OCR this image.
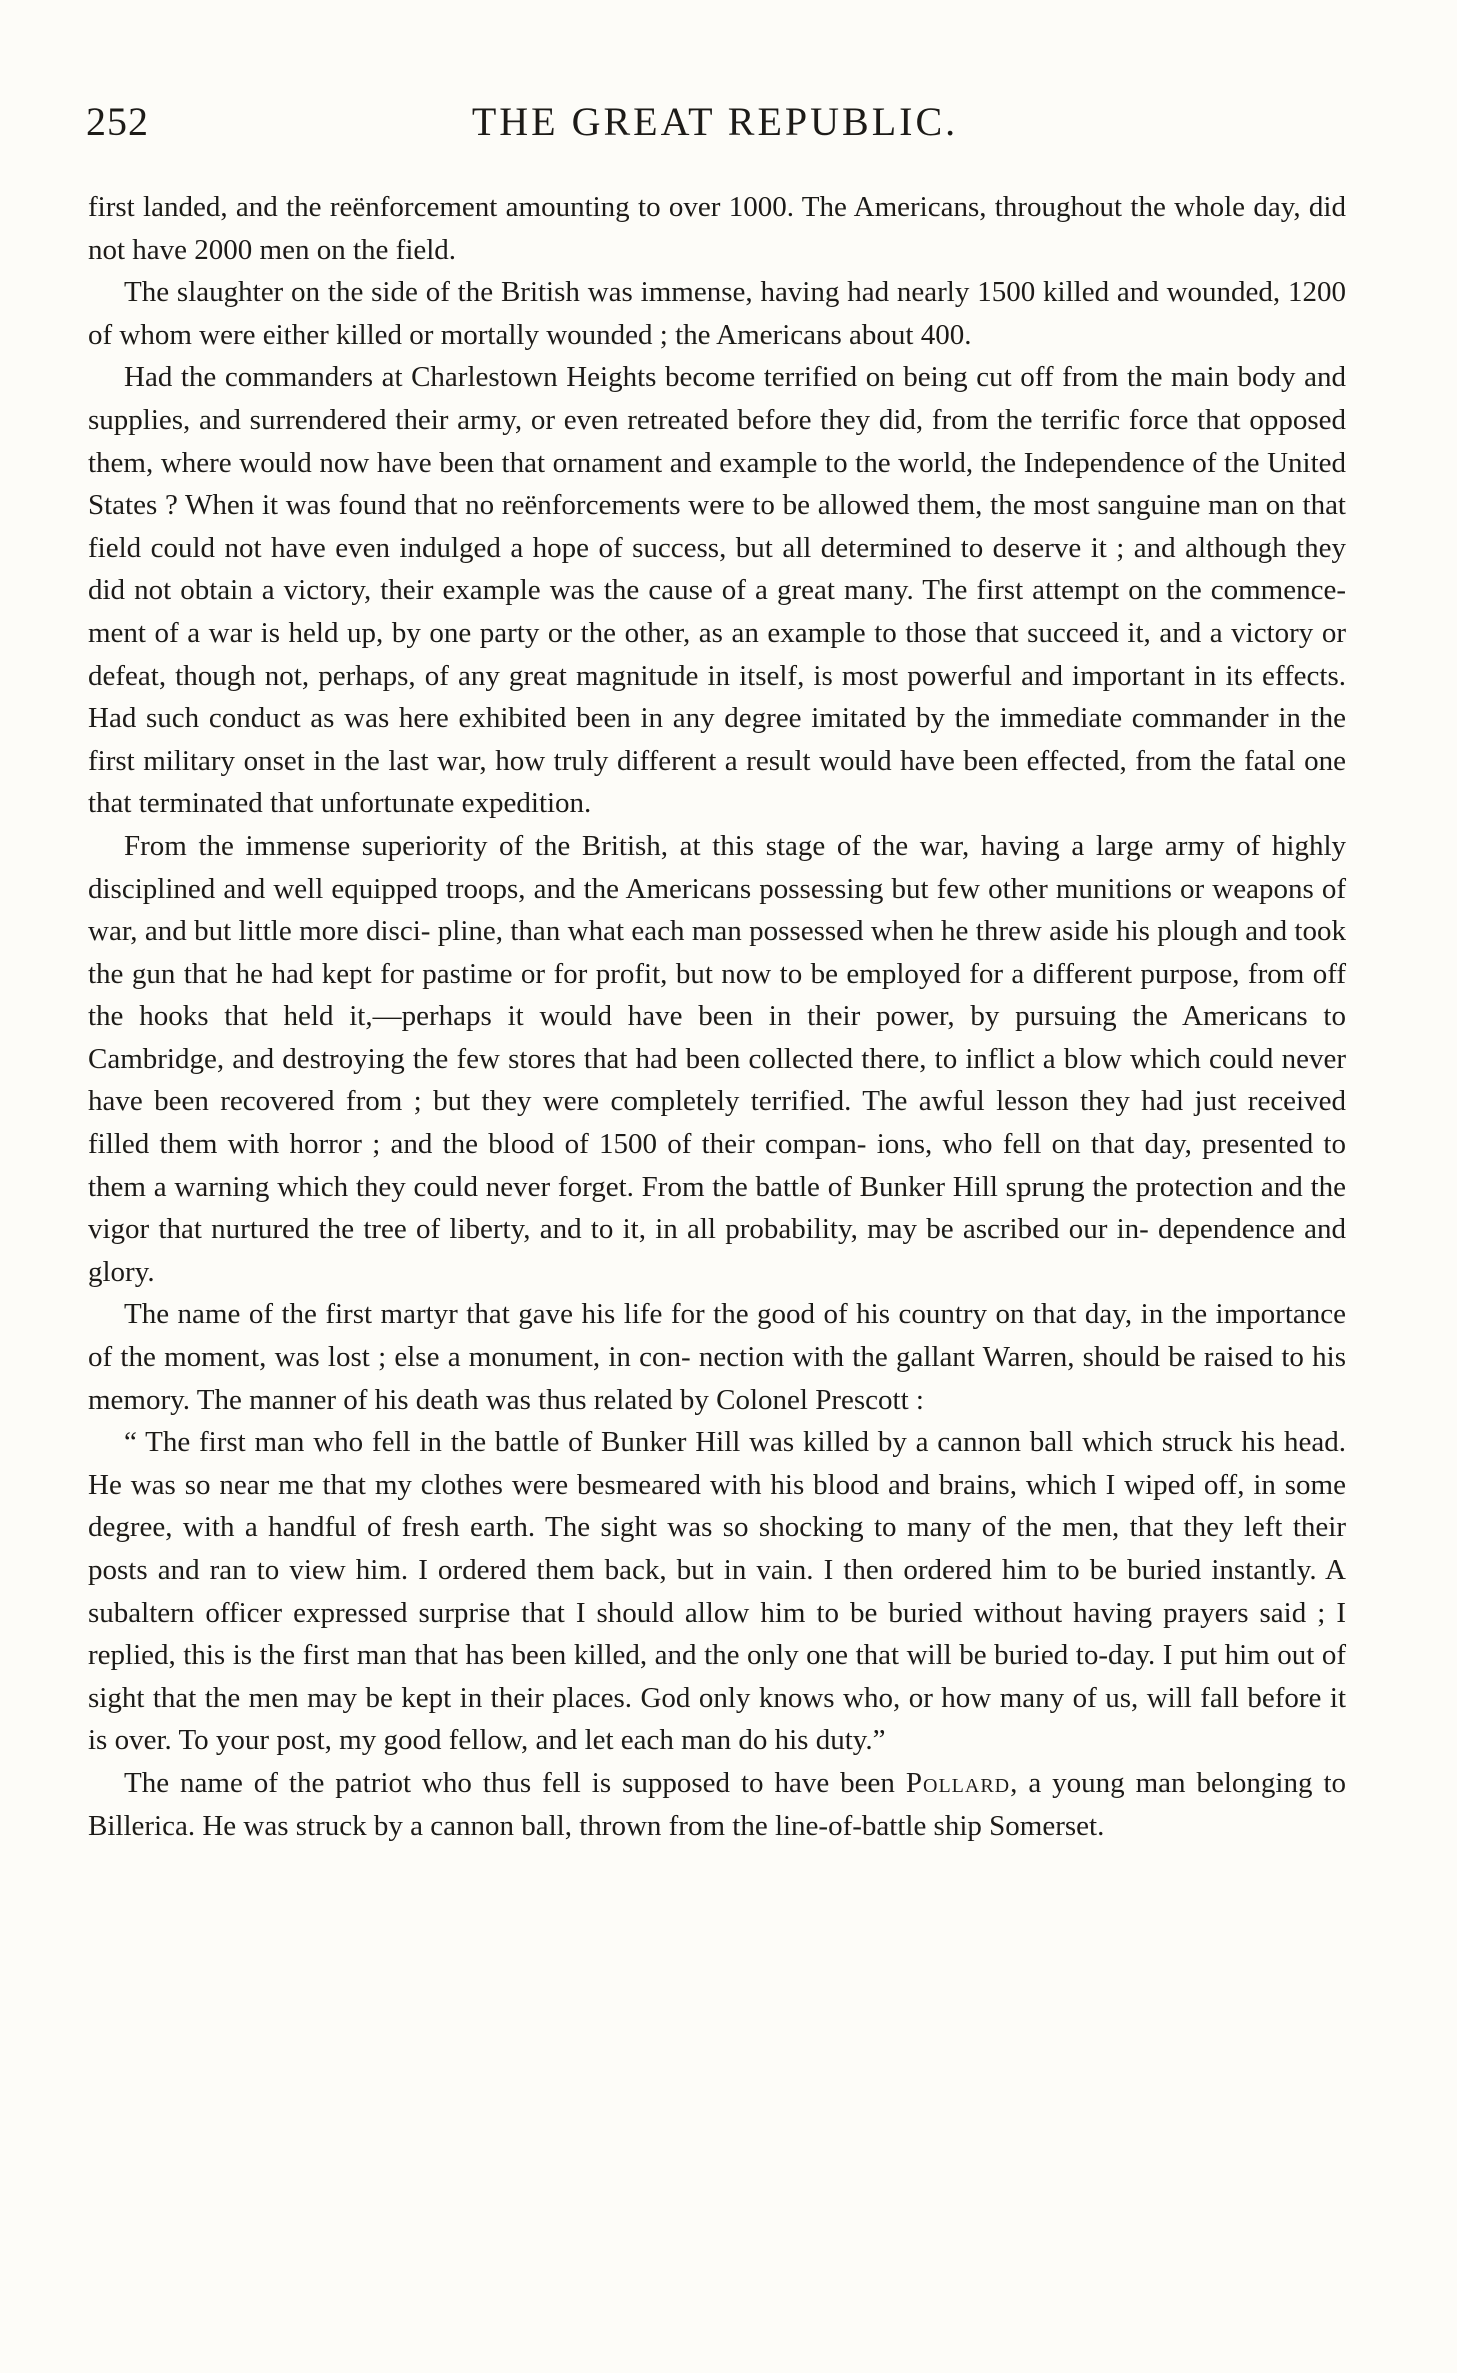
252	THE GREAT REPUBLIC.

first landed, and the reënforcement amounting to over 1000. The Americans, throughout the whole day, did not have 2000 men on the field.

The slaughter on the side of the British was immense, having had nearly 1500 killed and wounded, 1200 of whom were either killed or mortally wounded ; the Americans about 400.

Had the commanders at Charlestown Heights become terrified on being cut off from the main body and supplies, and surrendered their army, or even retreated before they did, from the terrific force that opposed them, where would now have been that ornament and example to the world, the Independence of the United States ? When it was found that no reënforcements were to be allowed them, the most sanguine man on that field could not have even indulged a hope of success, but all determined to deserve it ; and although they did not obtain a victory, their example was the cause of a great many. The first attempt on the commence- ment of a war is held up, by one party or the other, as an example to those that succeed it, and a victory or defeat, though not, perhaps, of any great magnitude in itself, is most powerful and important in its effects. Had such conduct as was here exhibited been in any degree imitated by the immediate commander in the first military onset in the last war, how truly different a result would have been effected, from the fatal one that terminated that unfortunate expedition.

From the immense superiority of the British, at this stage of the war, having a large army of highly disciplined and well equipped troops, and the Americans possessing but few other munitions or weapons of war, and but little more disci- pline, than what each man possessed when he threw aside his plough and took the gun that he had kept for pastime or for profit, but now to be employed for a different purpose, from off the hooks that held it,—perhaps it would have been in their power, by pursuing the Americans to Cambridge, and destroying the few stores that had been collected there, to inflict a blow which could never have been recovered from ; but they were completely terrified. The awful lesson they had just received filled them with horror ; and the blood of 1500 of their compan- ions, who fell on that day, presented to them a warning which they could never forget. From the battle of Bunker Hill sprung the protection and the vigor that nurtured the tree of liberty, and to it, in all probability, may be ascribed our in- dependence and glory.

The name of the first martyr that gave his life for the good of his country on that day, in the importance of the moment, was lost ; else a monument, in con- nection with the gallant Warren, should be raised to his memory. The manner of his death was thus related by Colonel Prescott :

“ The first man who fell in the battle of Bunker Hill was killed by a cannon ball which struck his head. He was so near me that my clothes were besmeared with his blood and brains, which I wiped off, in some degree, with a handful of fresh earth. The sight was so shocking to many of the men, that they left their posts and ran to view him. I ordered them back, but in vain. I then ordered him to be buried instantly. A subaltern officer expressed surprise that I should allow him to be buried without having prayers said ; I replied, this is the first man that has been killed, and the only one that will be buried to-day. I put him out of sight that the men may be kept in their places. God only knows who, or how many of us, will fall before it is over. To your post, my good fellow, and let each man do his duty.”

The name of the patriot who thus fell is supposed to have been Pollard, a young man belonging to Billerica. He was struck by a cannon ball, thrown from the line-of-battle ship Somerset.
